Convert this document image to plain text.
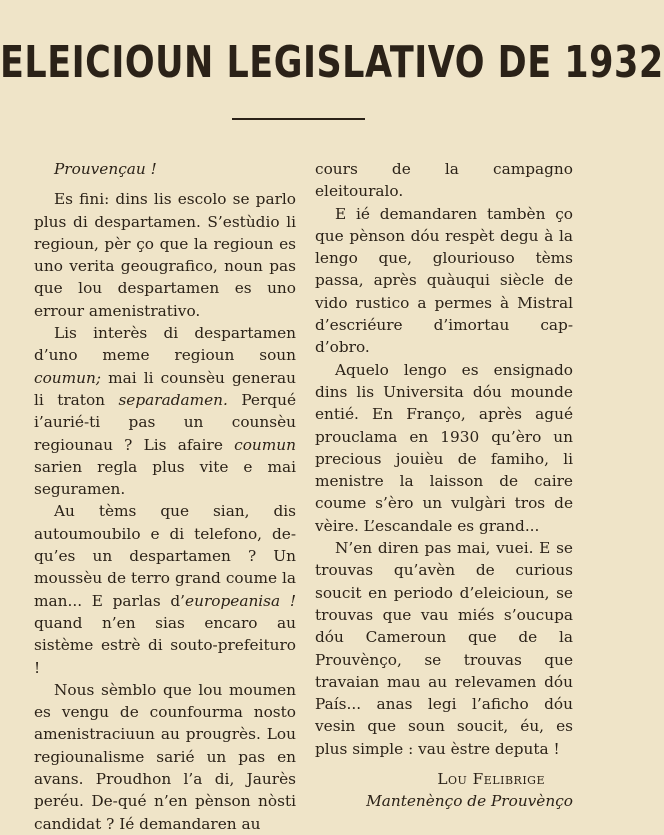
ELEICIOUN LEGISLATIVO DE 1932

Prouvençau !

Es fini: dins lis escolo se parlo plus di despartamen. S’estùdio li regioun, pèr ço que la regioun es uno verita geougrafico, noun pas que lou despartamen es uno errour amenistrativo.

Lis interès di despartamen d’uno meme regioun soun coumun; mai li counsèu generau li traton separadamen. Perqué i’aurié-ti pas un counsèu regiounau ? Lis afaire coumun sarien regla plus vite e mai seguramen.

Au tèms que sian, dis autoumoubilo e di telefono, de-qu’es un despartamen ? Un moussèu de terro grand coume la man... E parlas d’europeanisa ! quand n’en sias encaro au sistème estrè di souto-prefeituro !

Nous sèmblo que lou moumen es vengu de counfourma nosto amenistraciuun au prougrès. Lou regiounalisme sarié un pas en avans. Proudhon l’a di, Jaurès peréu. De-qué n’en pènson nòsti candidat ? Ié demandaren au

cours de la campagno eleitouralo.

E ié demandaren tambèn ço que pènson dóu respèt degu à la lengo que, glouriouso tèms passa, après quàuqui siècle de vido rustico a permes à Mistral d’escriéure d’imortau cap-d’obro.

Aquelo lengo es ensignado dins lis Universita dóu mounde entié. En Franço, après agué prouclama en 1930 qu’èro un precious jouièu de famiho, li menistre la laisson de caire coume s’èro un vulgàri tros de vèire. L’escandale es grand...

N’en diren pas mai, vuei. E se trouvas qu’avèn de curious soucit en periodo d’eleicioun, se trouvas que vau miés s’oucupa dóu Cameroun que de la Prouvènço, se trouvas que travaian mau au relevamen dóu País... anas legi l’aficho dóu vesin que soun soucit, éu, es plus simple : vau èstre deputa !

Lou Felibrige
Mantenènço de Prouvènço
